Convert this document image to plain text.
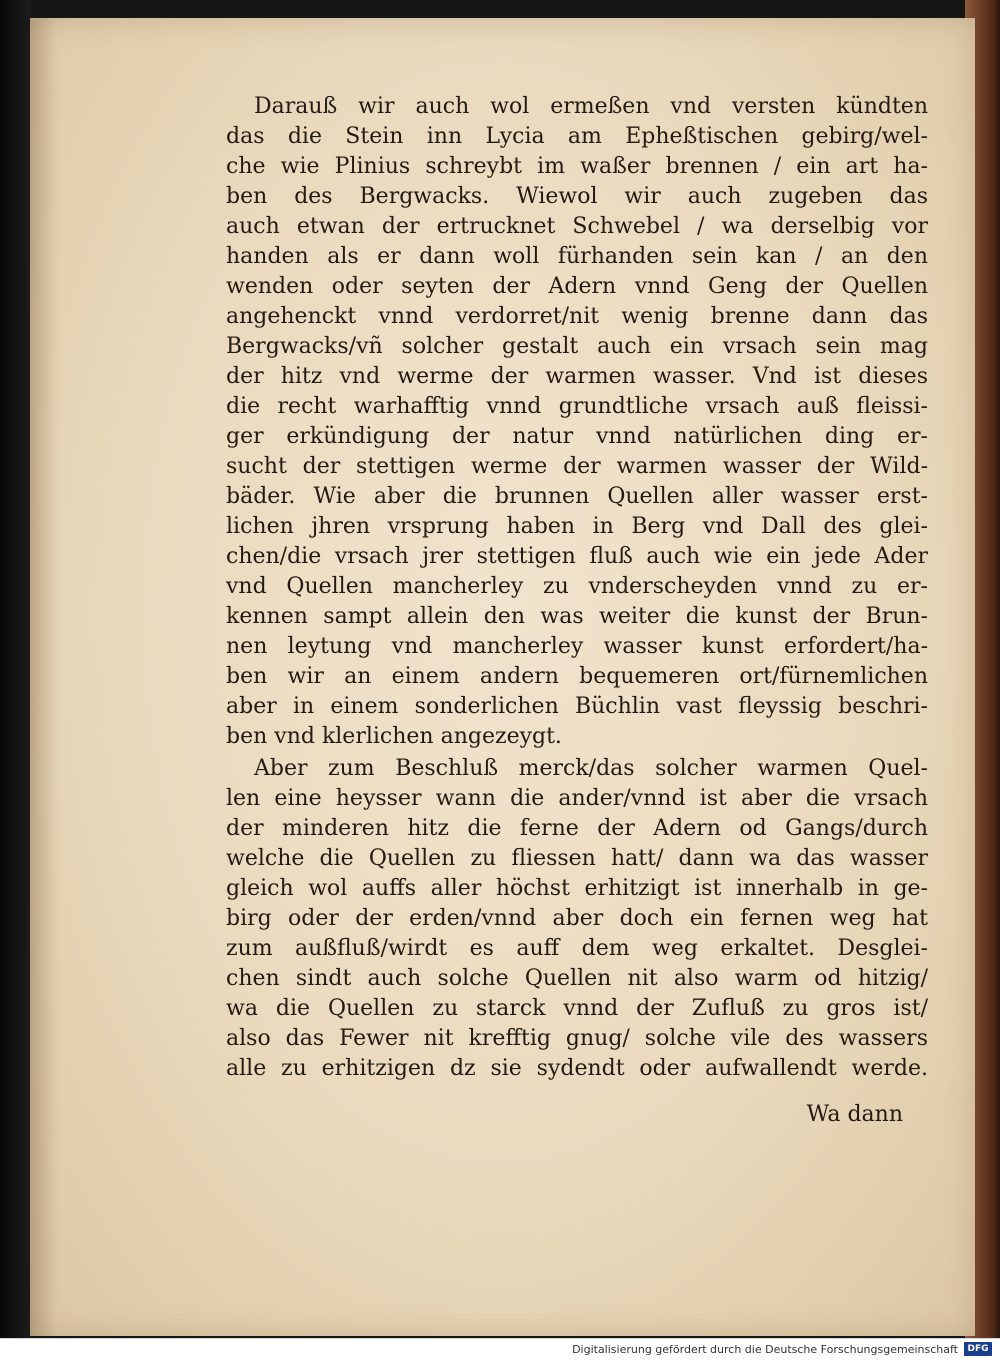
Darauß wir auch wol ermeßen vnd versten kündten
das die Stein inn Lycia am Epheßtischen gebirg/wel-
che wie Plinius schreybt im waßer brennen / ein art ha-
ben des Bergwacks. Wiewol wir auch zugeben das
auch etwan der ertrucknet Schwebel / wa derselbig vor
handen als er dann woll fürhanden sein kan / an den
wenden oder seyten der Adern vnnd Geng der Quellen
angehenckt vnnd verdorret/nit wenig brenne dann das
Bergwacks/vñ solcher gestalt auch ein vrsach sein mag
der hitz vnd werme der warmen wasser. Vnd ist dieses
die recht warhafftig vnnd grundtliche vrsach auß fleissi-
ger erkündigung der natur vnnd natürlichen ding er-
sucht der stettigen werme der warmen wasser der Wild-
bäder. Wie aber die brunnen Quellen aller wasser erst-
lichen jhren vrsprung haben in Berg vnd Dall des glei-
chen/die vrsach jrer stettigen fluß auch wie ein jede Ader
vnd Quellen mancherley zu vnderscheyden vnnd zu er-
kennen sampt allein den was weiter die kunst der Brun-
nen leytung vnd mancherley wasser kunst erfordert/ha-
ben wir an einem andern bequemeren ort/fürnemlichen
aber in einem sonderlichen Büchlin vast fleyssig beschri-
ben vnd klerlichen angezeygt.
Aber zum Beschluß merck/das solcher warmen Quel-
len eine heysser wann die ander/vnnd ist aber die vrsach
der minderen hitz die ferne der Adern od Gangs/durch
welche die Quellen zu fliessen hatt/ dann wa das wasser
gleich wol auffs aller höchst erhitzigt ist innerhalb in ge-
birg oder der erden/vnnd aber doch ein fernen weg hat
zum außfluß/wirdt es auff dem weg erkaltet. Desglei-
chen sindt auch solche Quellen nit also warm od hitzig/
wa die Quellen zu starck vnnd der Zufluß zu gros ist/
also das Fewer nit krefftig gnug/ solche vile des wassers
alle zu erhitzigen dz sie sydendt oder aufwallendt werde.
Wa dann
Digitalisierung gefördert durch die Deutsche Forschungsgemeinschaft	DFG
